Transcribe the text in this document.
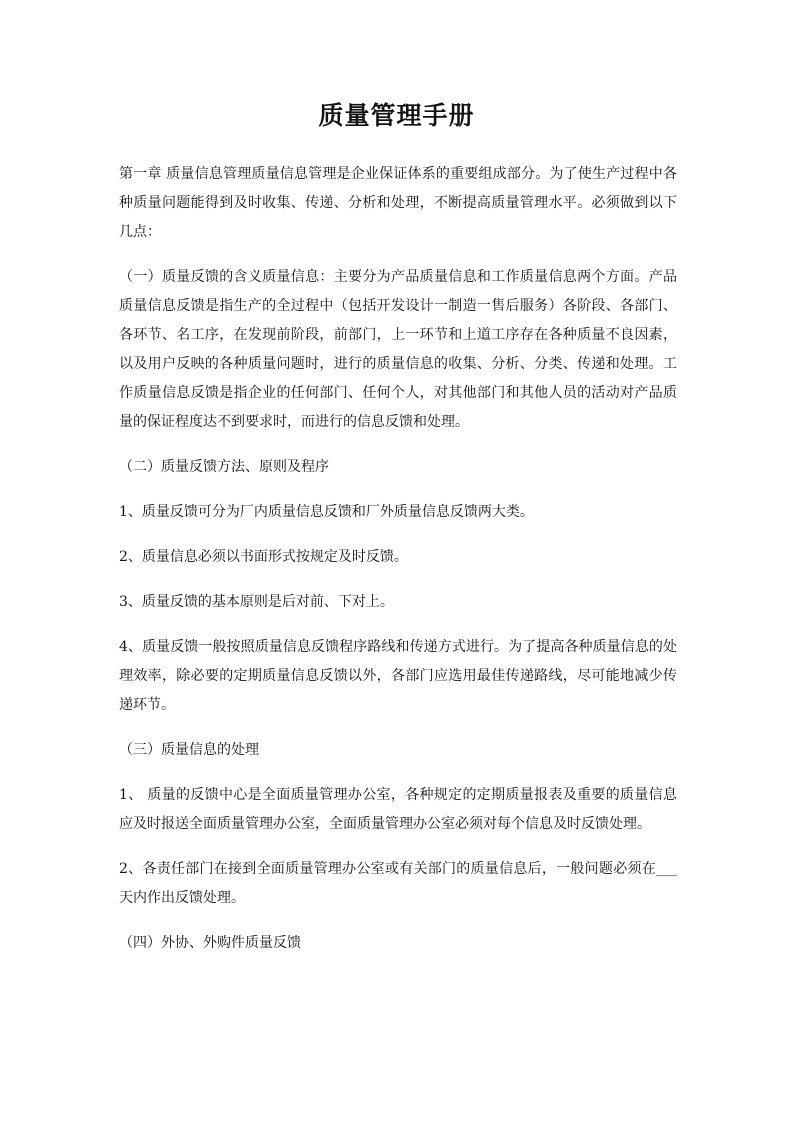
质量管理手册

第一章 质量信息管理质量信息管理是企业保证体系的重要组成部分。为了使生产过程中各种质量问题能得到及时收集、传递、分析和处理，不断提高质量管理水平。必须做到以下几点：

（一）质量反馈的含义质量信息：主要分为产品质量信息和工作质量信息两个方面。产品质量信息反馈是指生产的全过程中（包括开发设计一制造一售后服务）各阶段、各部门、各环节、名工序，在发现前阶段，前部门，上一环节和上道工序存在各种质量不良因素，以及用户反映的各种质量问题时，进行的质量信息的收集、分析、分类、传递和处理。工作质量信息反馈是指企业的任何部门、任何个人，对其他部门和其他人员的活动对产品质量的保证程度达不到要求时，而进行的信息反馈和处理。

（二）质量反馈方法、原则及程序

1、质量反馈可分为厂内质量信息反馈和厂外质量信息反馈两大类。

2、质量信息必须以书面形式按规定及时反馈。

3、质量反馈的基本原则是后对前、下对上。

4、质量反馈一般按照质量信息反馈程序路线和传递方式进行。为了提高各种质量信息的处理效率，除必要的定期质量信息反馈以外，各部门应选用最佳传递路线，尽可能地减少传递环节。

（三）质量信息的处理

1、 质量的反馈中心是全面质量管理办公室，各种规定的定期质量报表及重要的质量信息应及时报送全面质量管理办公室，全面质量管理办公室必须对每个信息及时反馈处理。

2、各责任部门在接到全面质量管理办公室或有关部门的质量信息后，一般问题必须在___天内作出反馈处理。

（四）外协、外购件质量反馈
